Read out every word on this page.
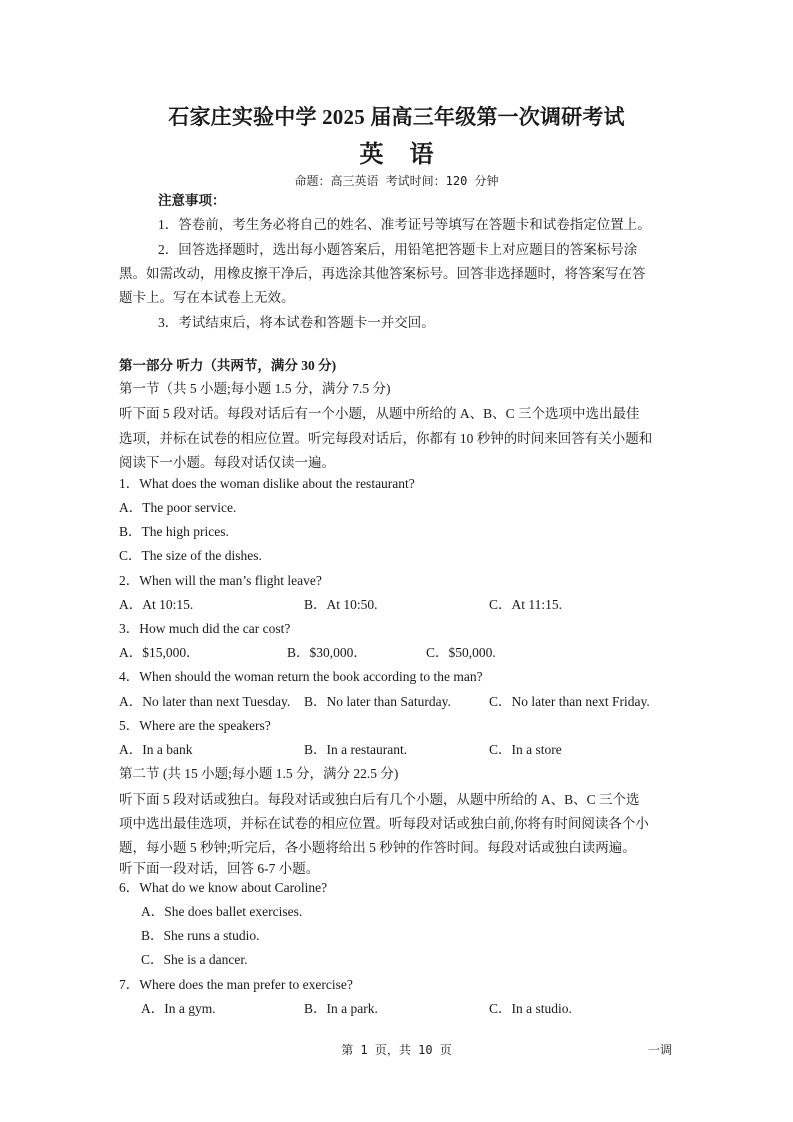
石家庄实验中学 2025 届高三年级第一次调研考试
英 语
命题：高三英语 考试时间：120 分钟
注意事项：
1．答卷前，考生务必将自己的姓名、准考证号等填写在答题卡和试卷指定位置上。
2．回答选择题时，选出每小题答案后，用铅笔把答题卡上对应题目的答案标号涂
黑。如需改动，用橡皮擦干净后，再选涂其他答案标号。回答非选择题时，将答案写在答
题卡上。写在本试卷上无效。
3．考试结束后，将本试卷和答题卡一并交回。
第一部分 听力（共两节，满分 30 分)
第一节（共 5 小题;每小题 1.5 分，满分 7.5 分)
听下面 5 段对话。每段对话后有一个小题，从题中所给的 A、B、C 三个选项中选出最佳
选项，并标在试卷的相应位置。听完每段对话后，你都有 10 秒钟的时间来回答有关小题和
阅读下一小题。每段对话仅读一遍。
1．What does the woman dislike about the restaurant?
A．The poor service.
B．The high prices.
C．The size of the dishes.
2．When will the man’s flight leave?
A．At 10:15.	B．At 10:50.	C．At 11:15.
3．How much did the car cost?
A．$15,000．	B．$30,000．	C．$50,000.
4．When should the woman return the book according to the man?
A．No later than next Tuesday. B．No later than Saturday.	C．No later than next Friday.
5．Where are the speakers?
A．In a bank	B．In a restaurant.	C．In a store
第二节 (共 15 小题;每小题 1.5 分，满分 22.5 分)
听下面 5 段对话或独白。每段对话或独白后有几个小题，从题中所给的 A、B、C 三个选
项中选出最佳选项，并标在试卷的相应位置。听每段对话或独白前,你将有时间阅读各个小
题，每小题 5 秒钟;听完后，各小题将给出 5 秒钟的作答时间。每段对话或独白读两遍。
听下面一段对话，回答 6-7 小题。
6．What do we know about Caroline?
A．She does ballet exercises.
B．She runs a studio.
C．She is a dancer.
7．Where does the man prefer to exercise?
A．In a gym.	B．In a park.	C．In a studio.
第 1 页，共 10 页	一调
